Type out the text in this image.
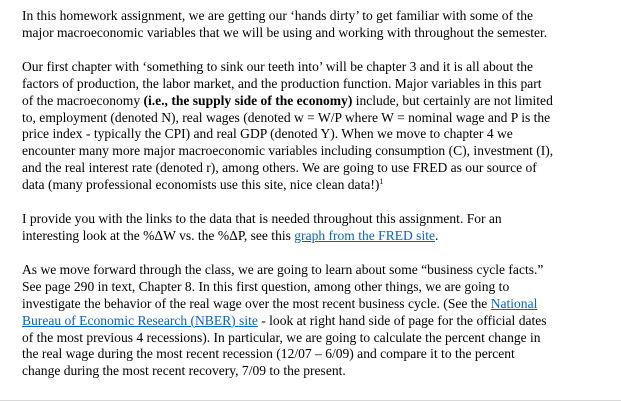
In this homework assignment, we are getting our ‘hands dirty’ to get familiar with some of the
major macroeconomic variables that we will be using and working with throughout the semester.

Our first chapter with ‘something to sink our teeth into’ will be chapter 3 and it is all about the
factors of production, the labor market, and the production function. Major variables in this part
of the macroeconomy (i.e., the supply side of the economy) include, but certainly are not limited
to, employment (denoted N), real wages (denoted w = W/P where W = nominal wage and P is the
price index - typically the CPI) and real GDP (denoted Y). When we move to chapter 4 we
encounter many more major macroeconomic variables including consumption (C), investment (I),
and the real interest rate (denoted r), among others. We are going to use FRED as our source of
data (many professional economists use this site, nice clean data!)$^1$

I provide you with the links to the data that is needed throughout this assignment. For an
interesting look at the %ΔW vs. the %ΔP, see this graph from the FRED site.

As we move forward through the class, we are going to learn about some “business cycle facts.”
See page 290 in text, Chapter 8. In this first question, among other things, we are going to
investigate the behavior of the real wage over the most recent business cycle. (See the National
Bureau of Economic Research (NBER) site - look at right hand side of page for the official dates
of the most previous 4 recessions). In particular, we are going to calculate the percent change in
the real wage during the most recent recession (12/07 – 6/09) and compare it to the percent
change during the most recent recovery, 7/09 to the present.
